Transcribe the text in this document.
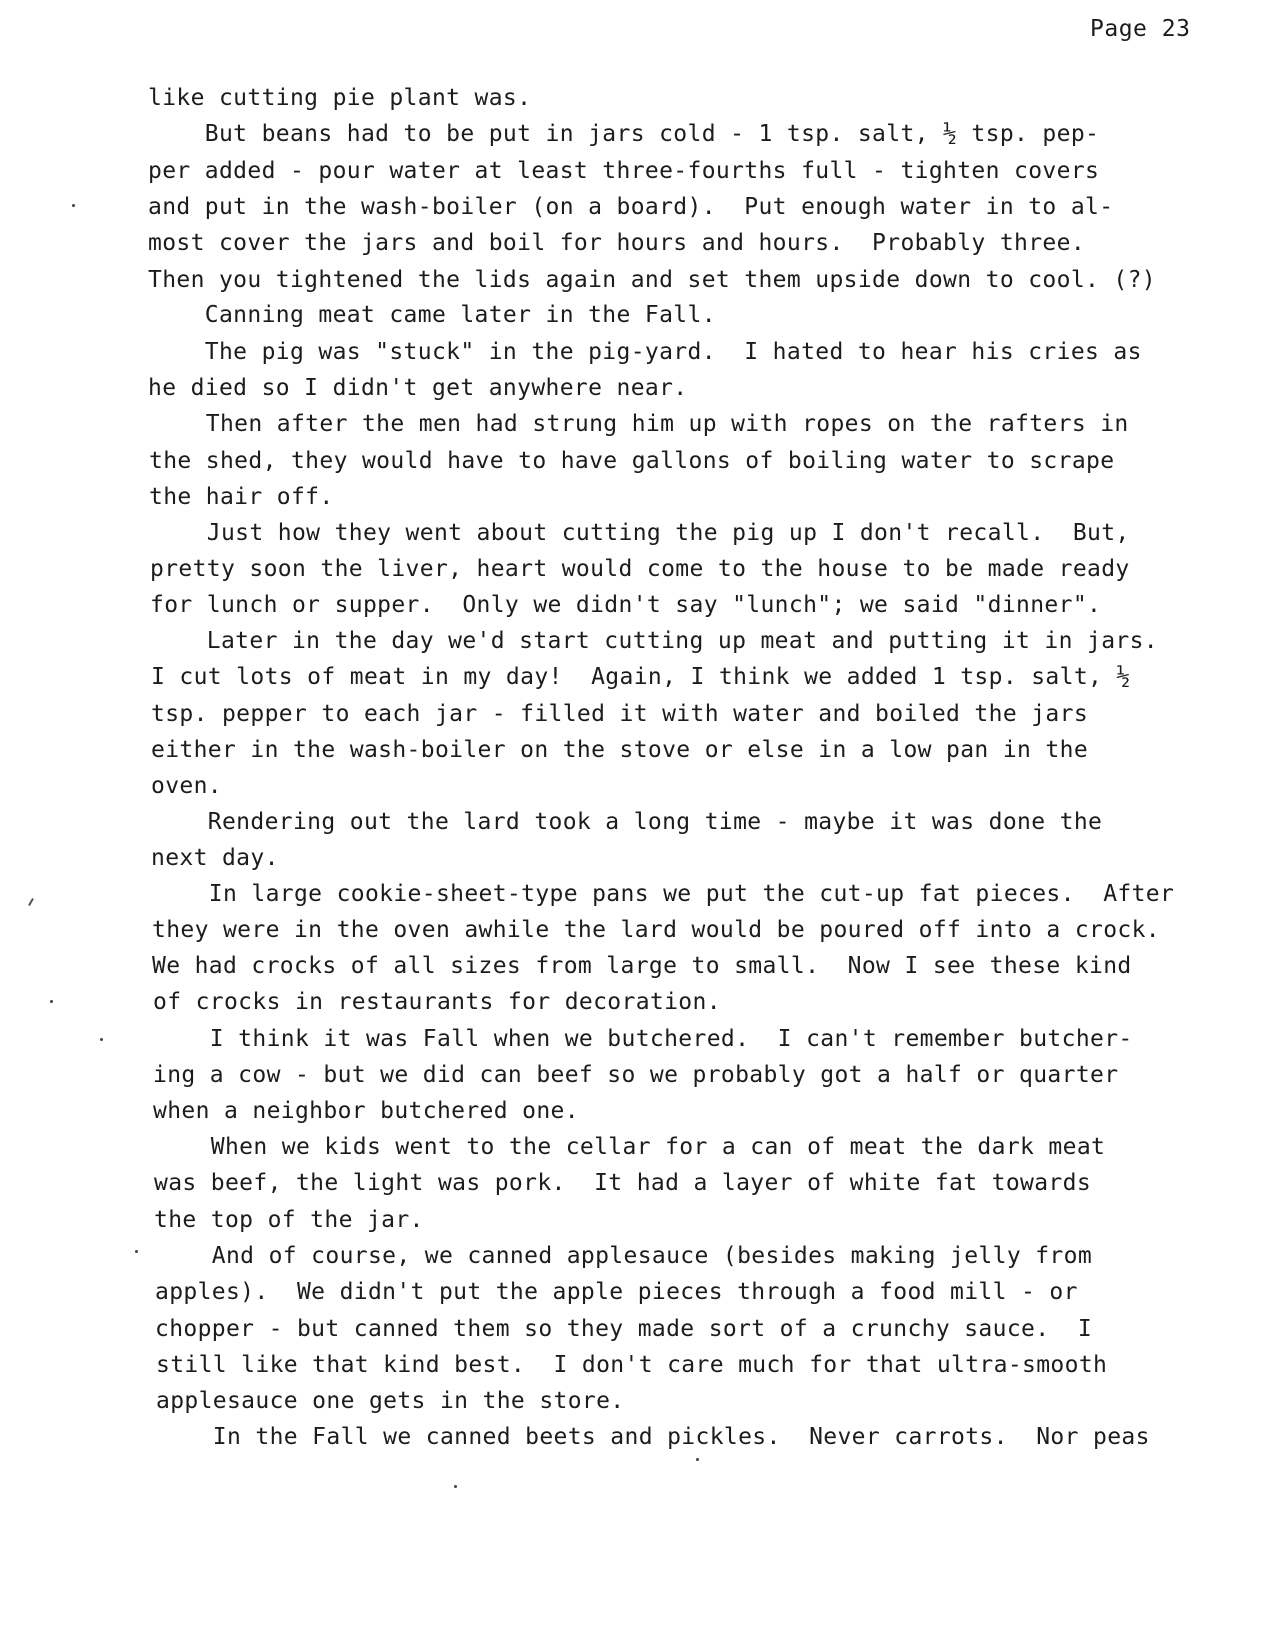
Page 23
like cutting pie plant was.
But beans had to be put in jars cold - 1 tsp. salt, ½ tsp. pep-
per added - pour water at least three-fourths full - tighten covers
and put in the wash-boiler (on a board).  Put enough water in to al-
most cover the jars and boil for hours and hours.  Probably three.
Then you tightened the lids again and set them upside down to cool. (?)
Canning meat came later in the Fall.
The pig was "stuck" in the pig-yard.  I hated to hear his cries as
he died so I didn't get anywhere near.
Then after the men had strung him up with ropes on the rafters in
the shed, they would have to have gallons of boiling water to scrape
the hair off.
Just how they went about cutting the pig up I don't recall.  But,
pretty soon the liver, heart would come to the house to be made ready
for lunch or supper.  Only we didn't say "lunch"; we said "dinner".
Later in the day we'd start cutting up meat and putting it in jars.
I cut lots of meat in my day!  Again, I think we added 1 tsp. salt, ½
tsp. pepper to each jar - filled it with water and boiled the jars
either in the wash-boiler on the stove or else in a low pan in the
oven.
Rendering out the lard took a long time - maybe it was done the
next day.
In large cookie-sheet-type pans we put the cut-up fat pieces.  After
they were in the oven awhile the lard would be poured off into a crock.
We had crocks of all sizes from large to small.  Now I see these kind
of crocks in restaurants for decoration.
I think it was Fall when we butchered.  I can't remember butcher-
ing a cow - but we did can beef so we probably got a half or quarter
when a neighbor butchered one.
When we kids went to the cellar for a can of meat the dark meat
was beef, the light was pork.  It had a layer of white fat towards
the top of the jar.
And of course, we canned applesauce (besides making jelly from
apples).  We didn't put the apple pieces through a food mill - or
chopper - but canned them so they made sort of a crunchy sauce.  I
still like that kind best.  I don't care much for that ultra-smooth
applesauce one gets in the store.
In the Fall we canned beets and pickles.  Never carrots.  Nor peas
